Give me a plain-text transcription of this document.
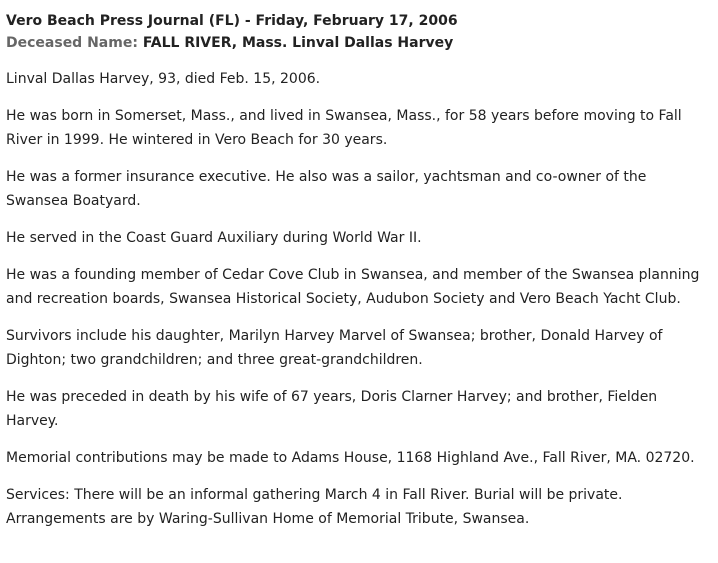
Vero Beach Press Journal (FL) - Friday, February 17, 2006
Deceased Name: FALL RIVER, Mass. Linval Dallas Harvey

Linval Dallas Harvey, 93, died Feb. 15, 2006.

He was born in Somerset, Mass., and lived in Swansea, Mass., for 58 years before moving to Fall River in 1999. He wintered in Vero Beach for 30 years.

He was a former insurance executive. He also was a sailor, yachtsman and co-owner of the Swansea Boatyard.

He served in the Coast Guard Auxiliary during World War II.

He was a founding member of Cedar Cove Club in Swansea, and member of the Swansea planning and recreation boards, Swansea Historical Society, Audubon Society and Vero Beach Yacht Club.

Survivors include his daughter, Marilyn Harvey Marvel of Swansea; brother, Donald Harvey of Dighton; two grandchildren; and three great-grandchildren.

He was preceded in death by his wife of 67 years, Doris Clarner Harvey; and brother, Fielden Harvey.

Memorial contributions may be made to Adams House, 1168 Highland Ave., Fall River, MA. 02720.

Services: There will be an informal gathering March 4 in Fall River. Burial will be private. Arrangements are by Waring-Sullivan Home of Memorial Tribute, Swansea.
